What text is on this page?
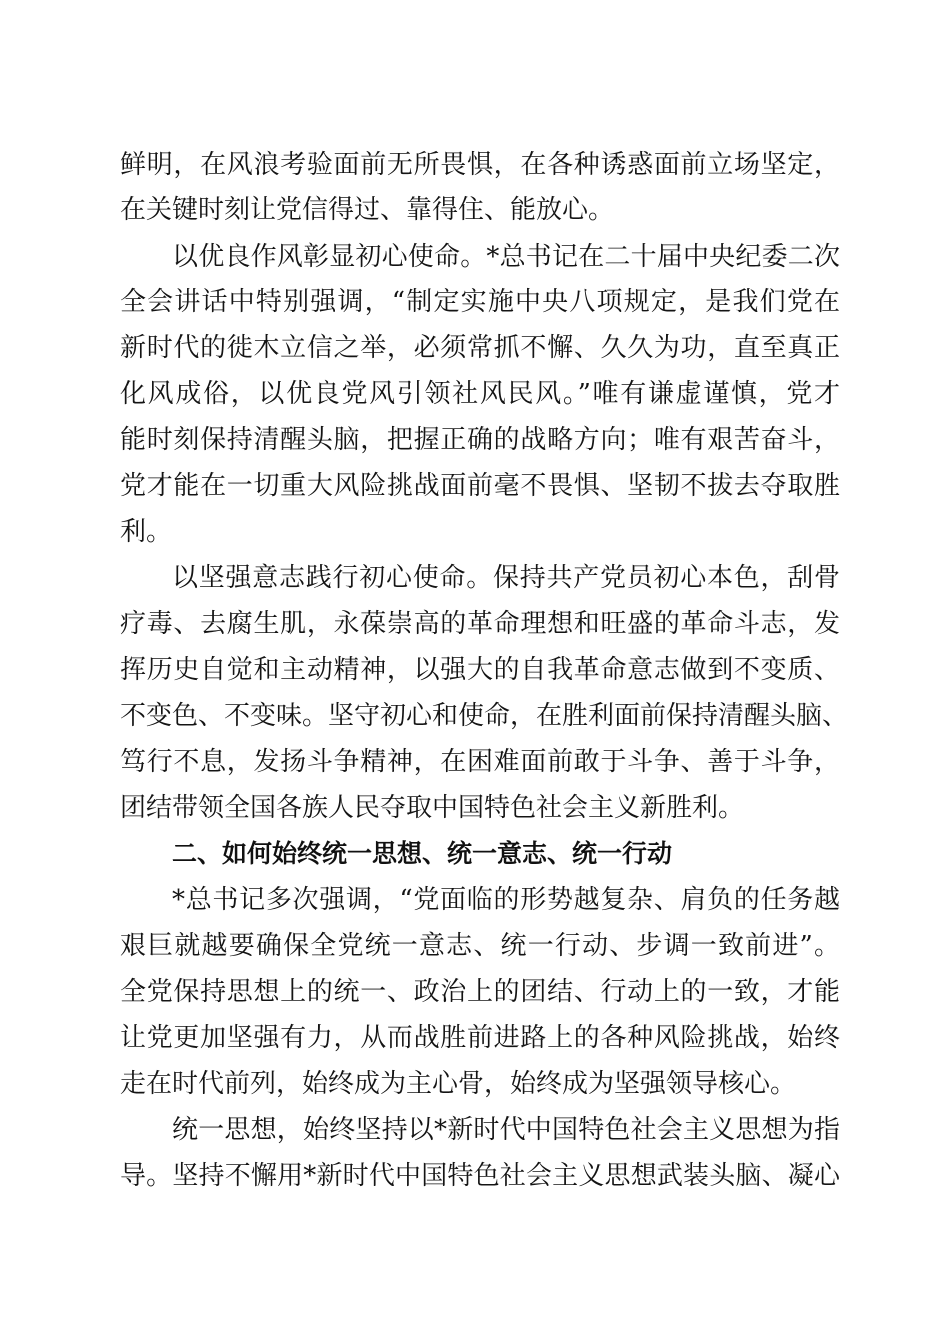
鲜明，在风浪考验面前无所畏惧，在各种诱惑面前立场坚定，
在关键时刻让党信得过、靠得住、能放心。
以优良作风彰显初心使命。*总书记在二十届中央纪委二次
全会讲话中特别强调，“制定实施中央八项规定，是我们党在
新时代的徙木立信之举，必须常抓不懈、久久为功，直至真正
化风成俗，以优良党风引领社风民风。”唯有谦虚谨慎，党才
能时刻保持清醒头脑，把握正确的战略方向；唯有艰苦奋斗，
党才能在一切重大风险挑战面前毫不畏惧、坚韧不拔去夺取胜
利。
以坚强意志践行初心使命。保持共产党员初心本色，刮骨
疗毒、去腐生肌，永葆崇高的革命理想和旺盛的革命斗志，发
挥历史自觉和主动精神，以强大的自我革命意志做到不变质、
不变色、不变味。坚守初心和使命，在胜利面前保持清醒头脑、
笃行不息，发扬斗争精神，在困难面前敢于斗争、善于斗争，
团结带领全国各族人民夺取中国特色社会主义新胜利。
二、如何始终统一思想、统一意志、统一行动
*总书记多次强调，“党面临的形势越复杂、肩负的任务越
艰巨就越要确保全党统一意志、统一行动、步调一致前进”。
全党保持思想上的统一、政治上的团结、行动上的一致，才能
让党更加坚强有力，从而战胜前进路上的各种风险挑战，始终
走在时代前列，始终成为主心骨，始终成为坚强领导核心。
统一思想，始终坚持以*新时代中国特色社会主义思想为指
导。坚持不懈用*新时代中国特色社会主义思想武装头脑、凝心
